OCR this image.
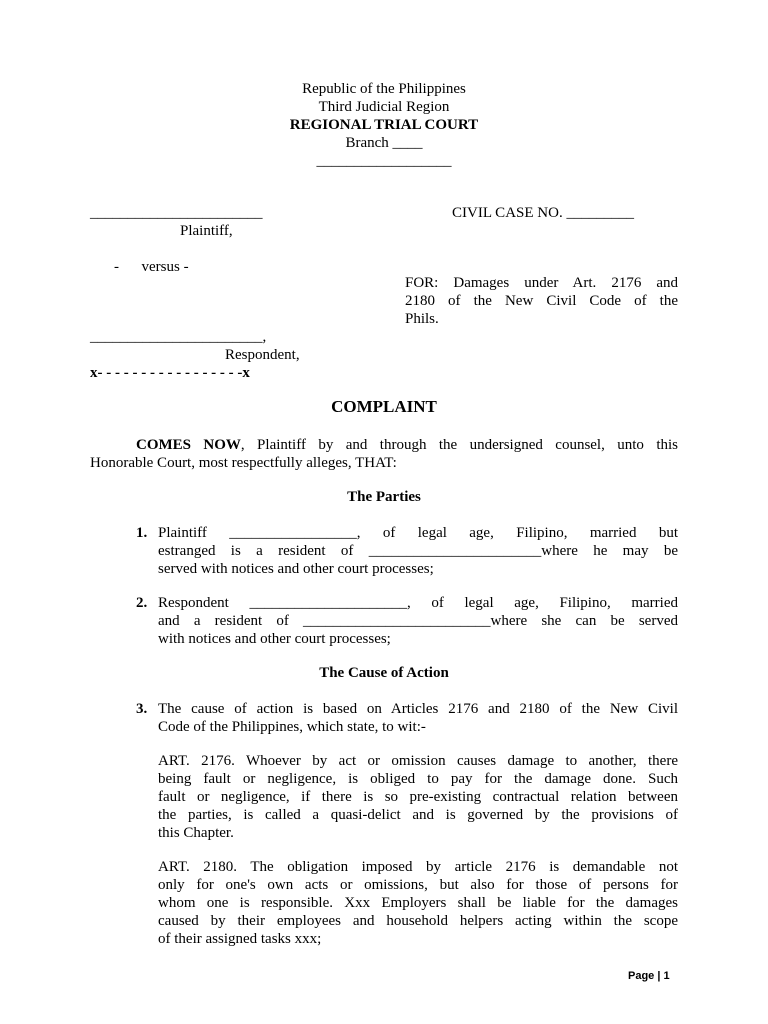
Republic of the Philippines
Third Judicial Region
REGIONAL TRIAL COURT
Branch ____
__________________
_______________________
Plaintiff,
CIVIL CASE NO. _________
-      versus -
FOR: Damages under Art. 2176 and
2180 of the New Civil Code of the
Phils.
_______________________,
Respondent,
x- - - - - - - - - - - - - - - - -x
COMPLAINT
COMES NOW, Plaintiff by and through the undersigned counsel, unto this
Honorable Court, most respectfully alleges, THAT:
The Parties
1. Plaintiff _________________, of legal age, Filipino, married but
estranged is a resident of _______________________where he may be
served with notices and other court processes;
2. Respondent _____________________, of legal age, Filipino, married
and a resident of _________________________where she can be served
with notices and other court processes;
The Cause of Action
3. The cause of action is based on Articles 2176 and 2180 of the New Civil
Code of the Philippines, which state, to wit:-
ART. 2176. Whoever by act or omission causes damage to another, there
being fault or negligence, is obliged to pay for the damage done. Such
fault or negligence, if there is so pre-existing contractual relation between
the parties, is called a quasi-delict and is governed by the provisions of
this Chapter.
ART. 2180. The obligation imposed by article 2176 is demandable not
only for one's own acts or omissions, but also for those of persons for
whom one is responsible. Xxx Employers shall be liable for the damages
caused by their employees and household helpers acting within the scope
of their assigned tasks xxx;
Page | 1
